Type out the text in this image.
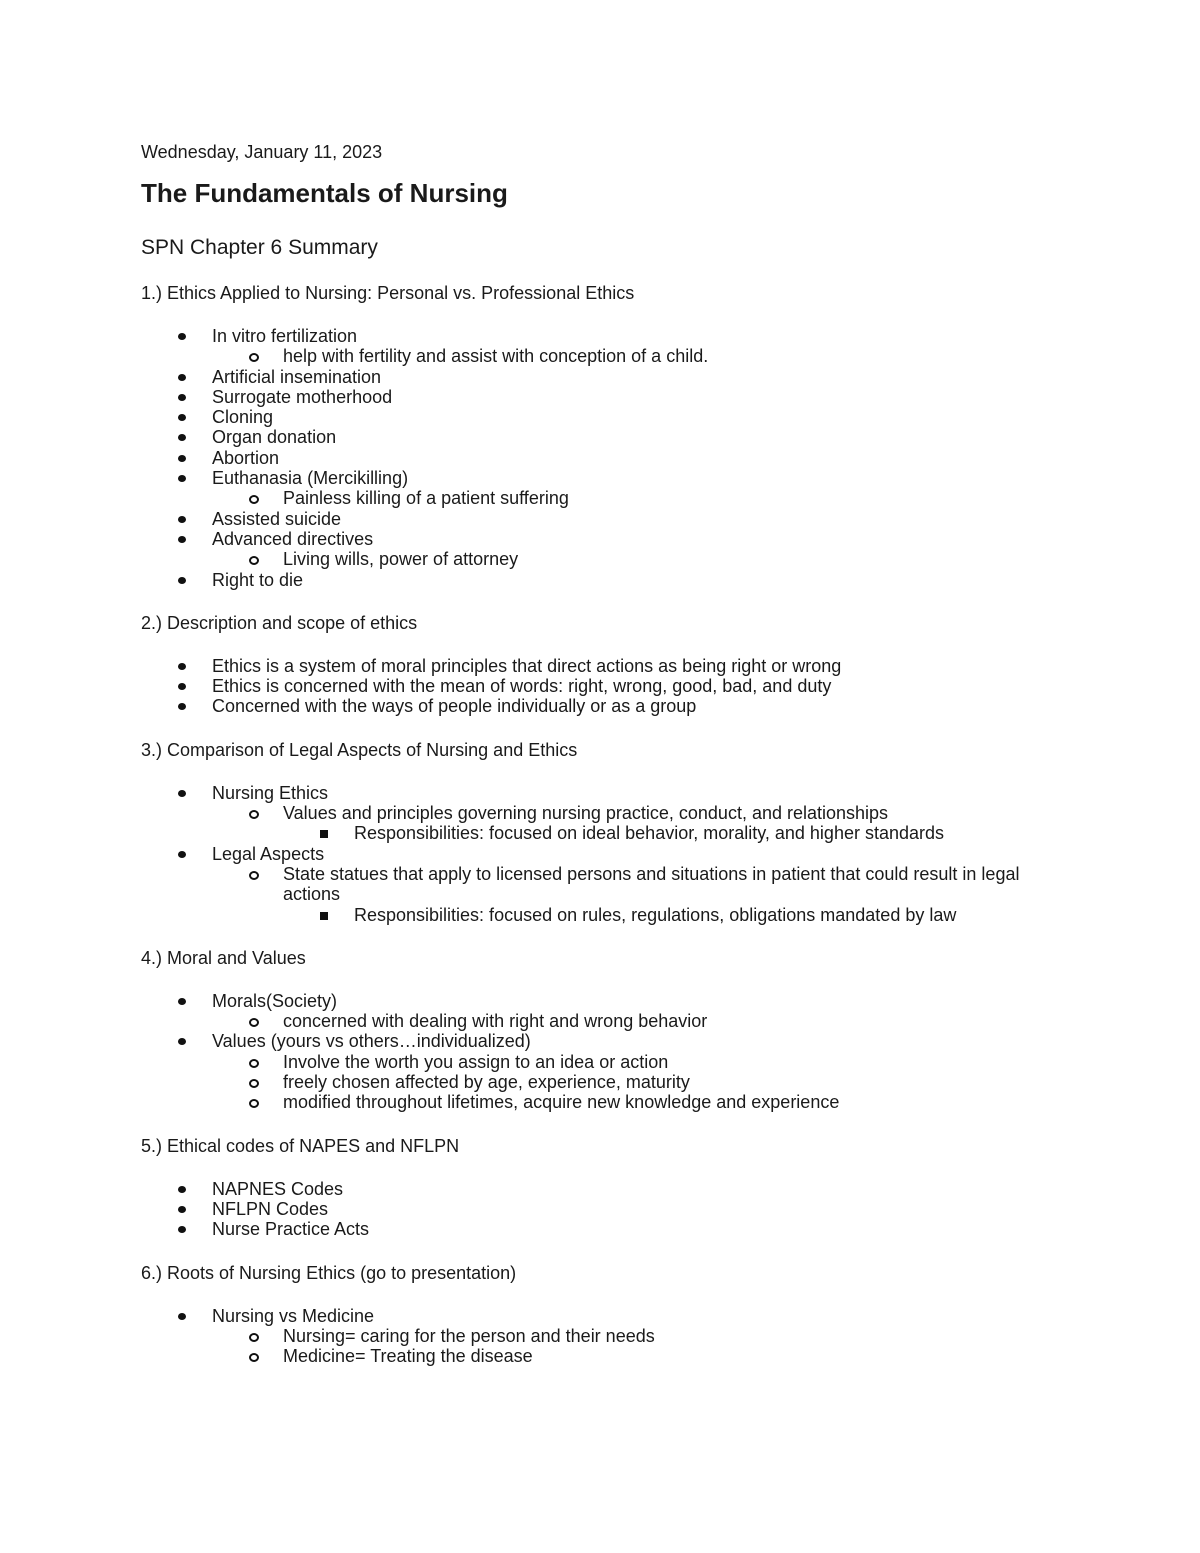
Wednesday, January 11, 2023
The Fundamentals of Nursing
SPN Chapter 6 Summary
1.) Ethics Applied to Nursing: Personal vs. Professional Ethics
In vitro fertilization
help with fertility and assist with conception of a child.
Artificial insemination
Surrogate motherhood
Cloning
Organ donation
Abortion
Euthanasia (Mercikilling)
Painless killing of a patient suffering
Assisted suicide
Advanced directives
Living wills, power of attorney
Right to die
2.) Description and scope of ethics
Ethics is a system of moral principles that direct actions as being right or wrong
Ethics is concerned with the mean of words: right, wrong, good, bad, and duty
Concerned with the ways of people individually or as a group
3.) Comparison of Legal Aspects of Nursing and Ethics
Nursing Ethics
Values and principles governing nursing practice, conduct, and relationships
Responsibilities: focused on ideal behavior, morality, and higher standards
Legal Aspects
State statues that apply to licensed persons and situations in patient that could result in legal actions
Responsibilities: focused on rules, regulations, obligations mandated by law
4.) Moral and Values
Morals(Society)
concerned with dealing with right and wrong behavior
Values (yours vs others…individualized)
Involve the worth you assign to an idea or action
freely chosen affected by age, experience, maturity
modified throughout lifetimes, acquire new knowledge and experience
5.) Ethical codes of NAPES and NFLPN
NAPNES Codes
NFLPN Codes
Nurse Practice Acts
6.) Roots of Nursing Ethics (go to presentation)
Nursing vs Medicine
Nursing= caring for the person and their needs
Medicine= Treating the disease
